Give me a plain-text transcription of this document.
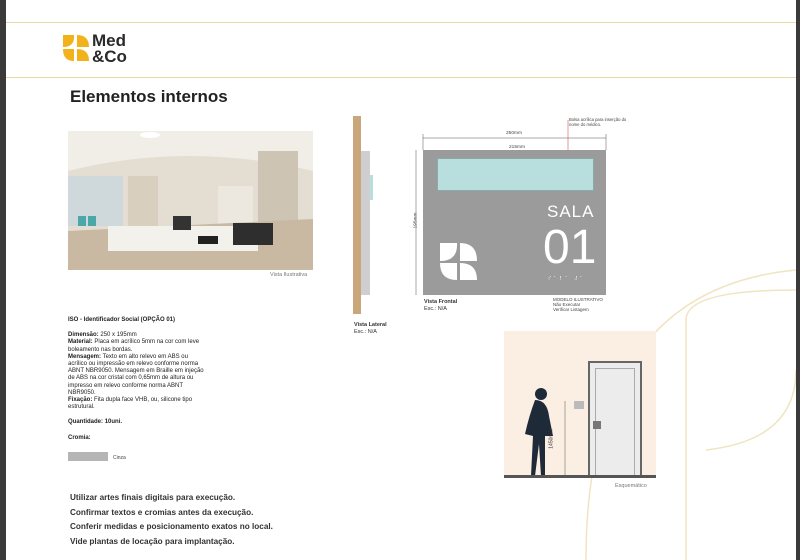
Med
&Co
Elementos internos
Vista Ilustrativa
ISO - Identificador Social (OPÇÃO 01)
Dimensão: 250 x 195mm
Material: Placa em acrílico 5mm na cor com leve boleamento nas bordas.
Mensagem: Texto em alto relevo em ABS ou acrílico ou impressão em relevo conforme norma ABNT NBR9050. Mensagem em Braille em injeção de ABS na cor cristal com 0,65mm de altura ou impresso em relevo conforme norma ABNT NBR9050.
Fixação: Fita dupla face VHB, ou, silicone tipo estrutural.
Quantidade: 10uni.
Cromia:
Cinza
Utilizar artes finais digitais para execução.
Confirmar textos e cromias antes da execução.
Conferir medidas e posicionamento exatos no local.
Vide plantas de locação para implantação.
Vista Lateral
Esc.: N/A
250mm
215mm
195mm
Bolsa acrílica para inserção do nome do médico.
SALA
01
⠎⠁⠇⠁ ⠼⠁
Vista Frontal
Esc.: N/A
MODELO ILUSTRATIVO
Não Executar
Verificar Listagem
1450mm
Esquemático
